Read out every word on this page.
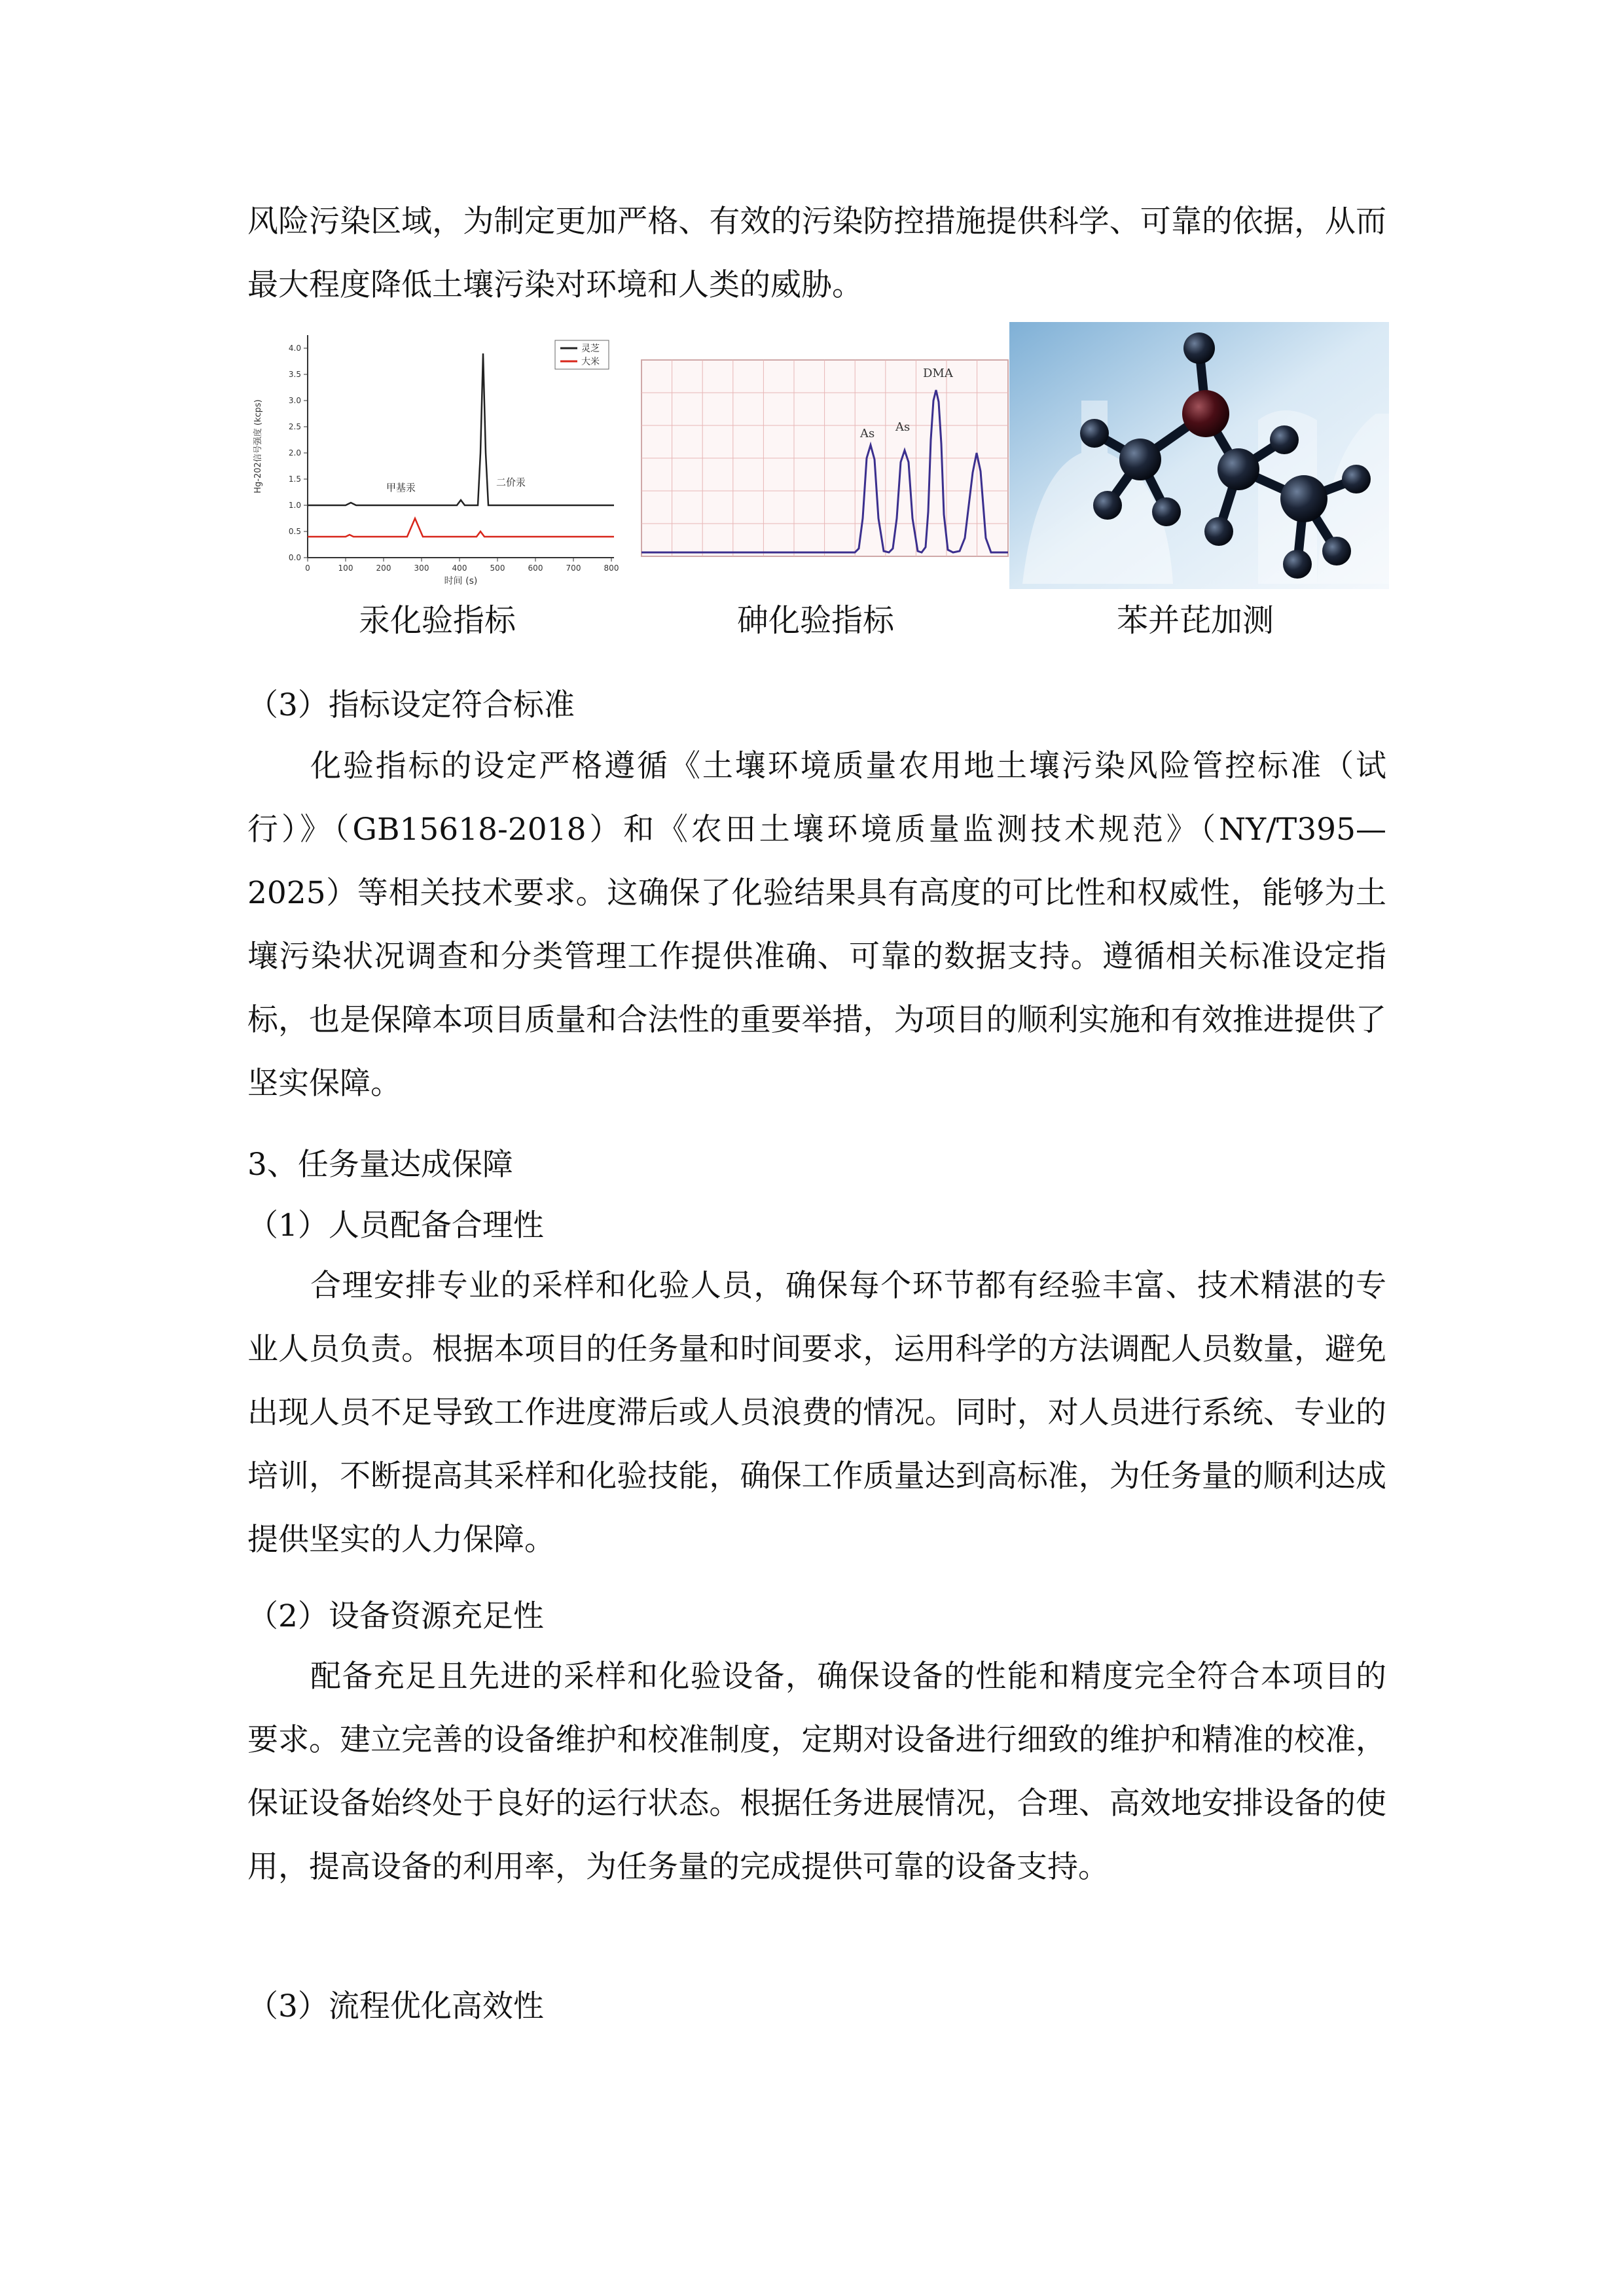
风险污染区域，为制定更加严格、有效的污染防控措施提供科学、可靠的依据，从而最大程度降低土壤污染对环境和人类的威胁。

0.0
0.5
1.0
1.5
2.0
2.5
3.0
3.5
4.0
0	100	200	300	400	500	600	700	800
Hg-202信号强度 (kcps)
时间 (s)
甲基汞	二价汞
灵芝
大米
As As
DMA
汞化验指标	砷化验指标	苯并芘加测

（3）指标设定符合标准

化验指标的设定严格遵循《土壤环境质量农用地土壤污染风险管控标准（试行）》（GB15618-2018）和《农田土壤环境质量监测技术规范》（NY/T395—2025）等相关技术要求。这确保了化验结果具有高度的可比性和权威性，能够为土壤污染状况调查和分类管理工作提供准确、可靠的数据支持。遵循相关标准设定指标，也是保障本项目质量和合法性的重要举措，为项目的顺利实施和有效推进提供了坚实保障。

3、任务量达成保障

（1）人员配备合理性

合理安排专业的采样和化验人员，确保每个环节都有经验丰富、技术精湛的专业人员负责。根据本项目的任务量和时间要求，运用科学的方法调配人员数量，避免出现人员不足导致工作进度滞后或人员浪费的情况。同时，对人员进行系统、专业的培训，不断提高其采样和化验技能，确保工作质量达到高标准，为任务量的顺利达成提供坚实的人力保障。

（2）设备资源充足性

配备充足且先进的采样和化验设备，确保设备的性能和精度完全符合本项目的要求。建立完善的设备维护和校准制度，定期对设备进行细致的维护和精准的校准，保证设备始终处于良好的运行状态。根据任务进展情况，合理、高效地安排设备的使用，提高设备的利用率，为任务量的完成提供可靠的设备支持。

（3）流程优化高效性
